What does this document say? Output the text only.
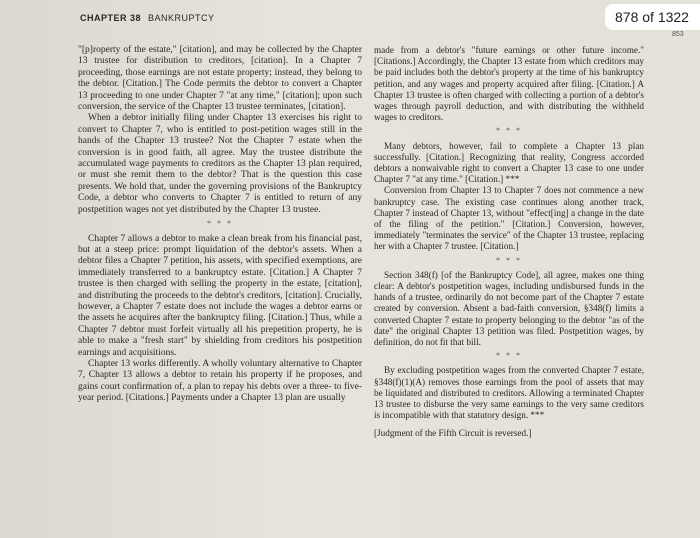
CHAPTER 38 BANKRUPTCY	878 of 1322
853

"[p]roperty of the estate," [citation], and may be collected by the Chapter 13 trustee for distribution to creditors, [citation]. In a Chapter 7 proceeding, those earnings are not estate property; instead, they belong to the debtor. [Citation.] The Code permits the debtor to convert a Chapter 13 proceeding to one under Chapter 7 "at any time," [citation]; upon such conversion, the service of the Chapter 13 trustee terminates, [citation].

When a debtor initially filing under Chapter 13 exercises his right to convert to Chapter 7, who is entitled to post-petition wages still in the hands of the Chapter 13 trustee? Not the Chapter 7 estate when the conversion is in good faith, all agree. May the trustee distribute the accumulated wage payments to creditors as the Chapter 13 plan required, or must she remit them to the debtor? That is the question this case presents. We hold that, under the governing provisions of the Bankruptcy Code, a debtor who converts to Chapter 7 is entitled to return of any postpetition wages not yet distributed by the Chapter 13 trustee.

* * *

Chapter 7 allows a debtor to make a clean break from his financial past, but at a steep price: prompt liquidation of the debtor's assets. When a debtor files a Chapter 7 petition, his assets, with specified exemptions, are immediately transferred to a bankruptcy estate. [Citation.] A Chapter 7 trustee is then charged with selling the property in the estate, [citation], and distributing the proceeds to the debtor's creditors, [citation]. Crucially, however, a Chapter 7 estate does not include the wages a debtor earns or the assets he acquires after the bankruptcy filing. [Citation.] Thus, while a Chapter 7 debtor must forfeit virtually all his prepetition property, he is able to make a "fresh start" by shielding from creditors his postpetition earnings and acquisitions.

Chapter 13 works differently. A wholly voluntary alternative to Chapter 7, Chapter 13 allows a debtor to retain his property if he proposes, and gains court confirmation of, a plan to repay his debts over a three- to five-year period. [Citations.] Payments under a Chapter 13 plan are usually

made from a debtor's "future earnings or other future income." [Citations.] Accordingly, the Chapter 13 estate from which creditors may be paid includes both the debtor's property at the time of his bankruptcy petition, and any wages and property acquired after filing. [Citation.] A Chapter 13 trustee is often charged with collecting a portion of a debtor's wages through payroll deduction, and with distributing the withheld wages to creditors.

* * *

Many debtors, however, fail to complete a Chapter 13 plan successfully. [Citation.] Recognizing that reality, Congress accorded debtors a nonwaivable right to convert a Chapter 13 case to one under Chapter 7 "at any time." [Citation.] ***

Conversion from Chapter 13 to Chapter 7 does not commence a new bankruptcy case. The existing case continues along another track, Chapter 7 instead of Chapter 13, without "effect[ing] a change in the date of the filing of the petition." [Citation.] Conversion, however, immediately "terminates the service" of the Chapter 13 trustee, replacing her with a Chapter 7 trustee. [Citation.]

* * *

Section 348(f) [of the Bankruptcy Code], all agree, makes one thing clear: A debtor's postpetition wages, including undisbursed funds in the hands of a trustee, ordinarily do not become part of the Chapter 7 estate created by conversion. Absent a bad-faith conversion, §348(f) limits a converted Chapter 7 estate to property belonging to the debtor "as of the date" the original Chapter 13 petition was filed. Postpetition wages, by definition, do not fit that bill.

* * *

By excluding postpetition wages from the converted Chapter 7 estate, §348(f)(1)(A) removes those earnings from the pool of assets that may be liquidated and distributed to creditors. Allowing a terminated Chapter 13 trustee to disburse the very same earnings to the very same creditors is incompatible with that statutory design. ***

[Judgment of the Fifth Circuit is reversed.]
